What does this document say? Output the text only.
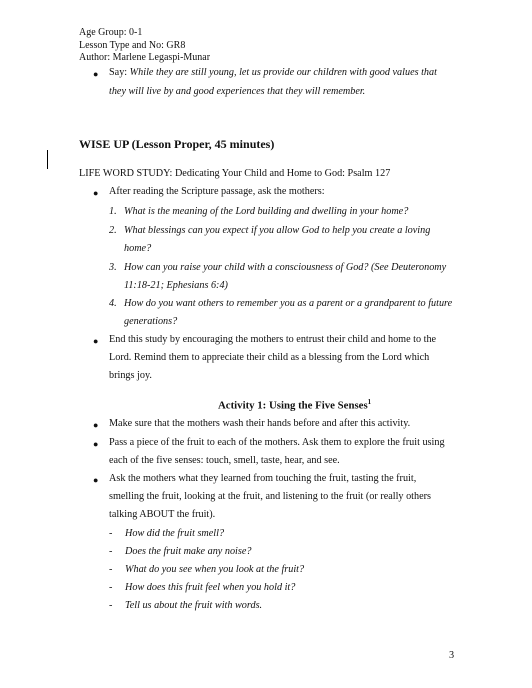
Age Group: 0-1
Lesson Type and No: GR8
Author: Marlene Legaspi-Munar
● Say: While they are still young, let us provide our children with good values that
they will live by and good experiences that they will remember.
WISE UP (Lesson Proper, 45 minutes)
LIFE WORD STUDY: Dedicating Your Child and Home to God: Psalm 127
● After reading the Scripture passage, ask the mothers:
1. What is the meaning of the Lord building and dwelling in your home?
2. What blessings can you expect if you allow God to help you create a loving
home?
3. How can you raise your child with a consciousness of God? (See Deuteronomy
11:18-21; Ephesians 6:4)
4. How do you want others to remember you as a parent or a grandparent to future
generations?
● End this study by encouraging the mothers to entrust their child and home to the
Lord. Remind them to appreciate their child as a blessing from the Lord which
brings joy.
Activity 1: Using the Five Senses$^1$
● Make sure that the mothers wash their hands before and after this activity.
● Pass a piece of the fruit to each of the mothers. Ask them to explore the fruit using
each of the five senses: touch, smell, taste, hear, and see.
● Ask the mothers what they learned from touching the fruit, tasting the fruit,
smelling the fruit, looking at the fruit, and listening to the fruit (or really others
talking ABOUT the fruit).
- How did the fruit smell?
- Does the fruit make any noise?
- What do you see when you look at the fruit?
- How does this fruit feel when you hold it?
- Tell us about the fruit with words.
3
